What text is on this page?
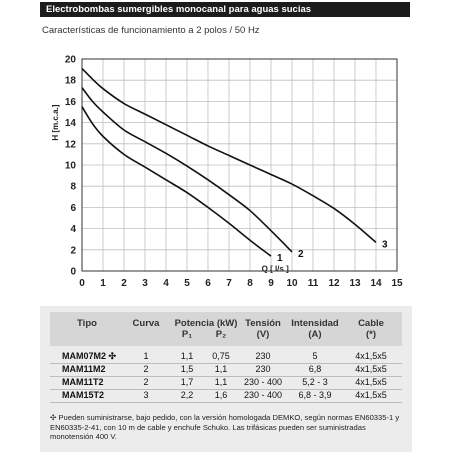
Electrobombas sumergibles monocanal para aguas sucias
Características de funcionamiento a 2 polos / 50 Hz
0 1 2 3 4 5 6 7 8 9 10 11 12 13 14 15
0
2
4
6
8
10
12
14
16
18
20
H [m.c.a.]
Q [ l/s ]
1 2
3
Tipo	Curva	Potencia (kW)
P₁	P₂
Tensión
(V)
Intensidad
(A)
Cable
(*)
MAM07M2 ✣	1	1,1	0,75	230	5	4x1,5x5
MAM11M2	2	1,5	1,1	230	6,8	4x1,5x5
MAM11T2	2	1,7	1,1	230 - 400	5,2 - 3	4x1,5x5
MAM15T2	3	2,2	1,6	230 - 400	6,8 - 3,9	4x1,5x5
✣ Pueden suministrarse, bajo pedido, con la versión homologada DEMKO, según normas EN60335-1 y EN60335-2-41, con 10 m de cable y enchufe Schuko. Las trifásicas pueden ser suministradas monotensión 400 V.
